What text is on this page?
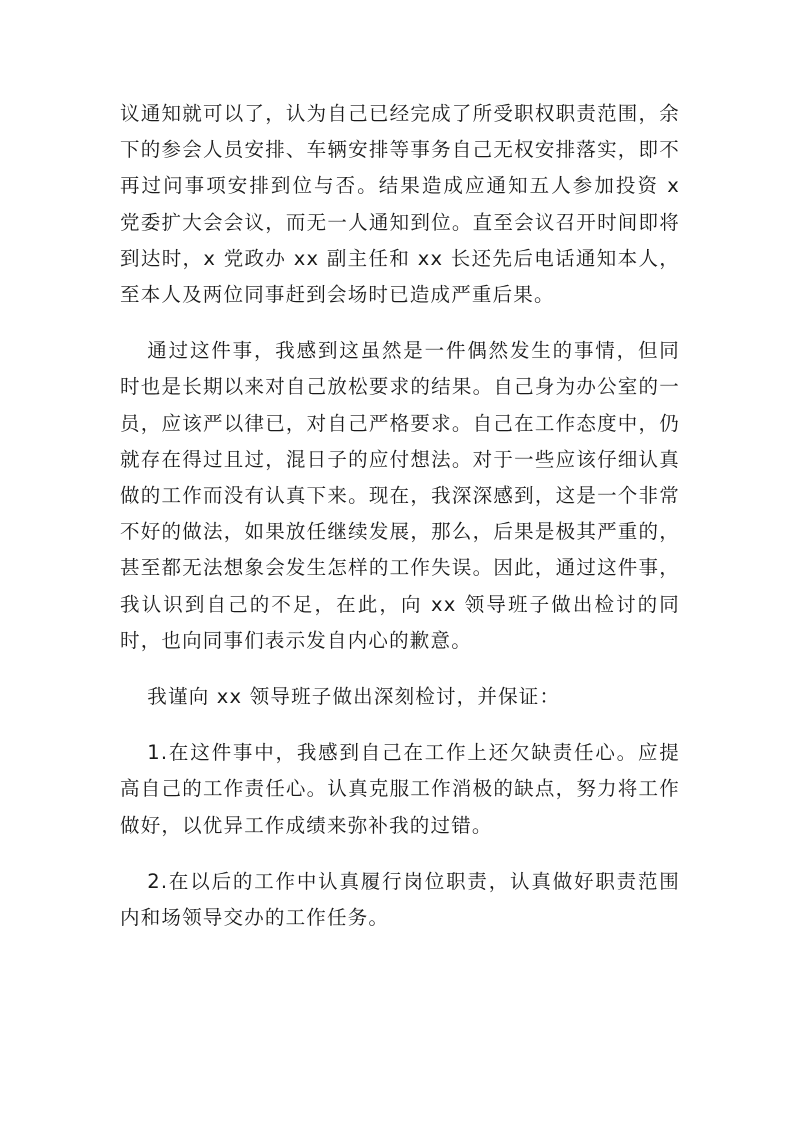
议通知就可以了，认为自己已经完成了所受职权职责范围，余下的参会人员安排、车辆安排等事务自己无权安排落实，即不再过问事项安排到位与否。结果造成应通知五人参加投资 x 党委扩大会会议，而无一人通知到位。直至会议召开时间即将到达时，x 党政办 xx 副主任和 xx 长还先后电话通知本人，至本人及两位同事赶到会场时已造成严重后果。

通过这件事，我感到这虽然是一件偶然发生的事情，但同时也是长期以来对自己放松要求的结果。自己身为办公室的一员，应该严以律已，对自己严格要求。自己在工作态度中，仍就存在得过且过，混日子的应付想法。对于一些应该仔细认真做的工作而没有认真下来。现在，我深深感到，这是一个非常不好的做法，如果放任继续发展，那么，后果是极其严重的，甚至都无法想象会发生怎样的工作失误。因此，通过这件事，我认识到自己的不足，在此，向 xx 领导班子做出检讨的同时，也向同事们表示发自内心的歉意。

我谨向 xx 领导班子做出深刻检讨，并保证：

1.在这件事中，我感到自己在工作上还欠缺责任心。应提高自己的工作责任心。认真克服工作消极的缺点，努力将工作做好，以优异工作成绩来弥补我的过错。

2.在以后的工作中认真履行岗位职责，认真做好职责范围内和场领导交办的工作任务。
